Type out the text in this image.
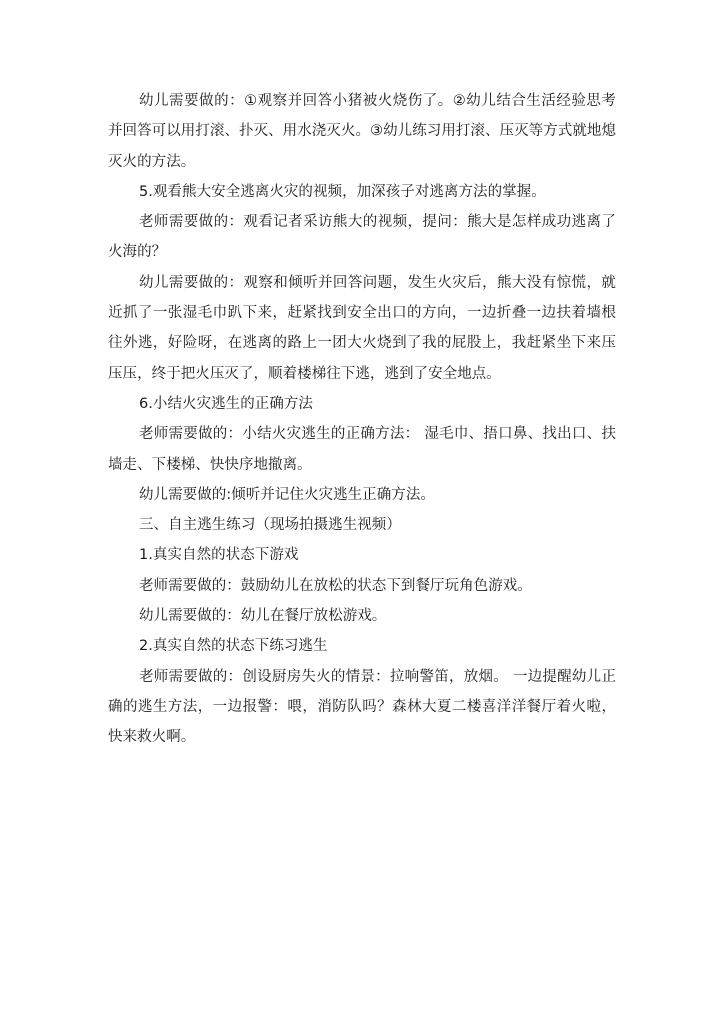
幼儿需要做的：①观察并回答小猪被火烧伤了。②幼儿结合生活经验思考并回答可以用打滚、扑灭、用水浇灭火。③幼儿练习用打滚、压灭等方式就地熄灭火的方法。

5.观看熊大安全逃离火灾的视频，加深孩子对逃离方法的掌握。

老师需要做的：观看记者采访熊大的视频，提问：熊大是怎样成功逃离了火海的？

幼儿需要做的：观察和倾听并回答问题，发生火灾后，熊大没有惊慌，就近抓了一张湿毛巾趴下来，赶紧找到安全出口的方向，一边折叠一边扶着墙根往外逃，好险呀，在逃离的路上一团大火烧到了我的屁股上，我赶紧坐下来压压压，终于把火压灭了，顺着楼梯往下逃，逃到了安全地点。

6.小结火灾逃生的正确方法

老师需要做的：小结火灾逃生的正确方法： 湿毛巾、捂口鼻、找出口、扶墙走、下楼梯、快快序地撤离。

幼儿需要做的:倾听并记住火灾逃生正确方法。

三、自主逃生练习（现场拍摄逃生视频）

1.真实自然的状态下游戏

老师需要做的：鼓励幼儿在放松的状态下到餐厅玩角色游戏。

幼儿需要做的：幼儿在餐厅放松游戏。

2.真实自然的状态下练习逃生

老师需要做的：创设厨房失火的情景：拉响警笛，放烟。 一边提醒幼儿正确的逃生方法，一边报警：喂，消防队吗？森林大夏二楼喜洋洋餐厅着火啦，快来救火啊。
